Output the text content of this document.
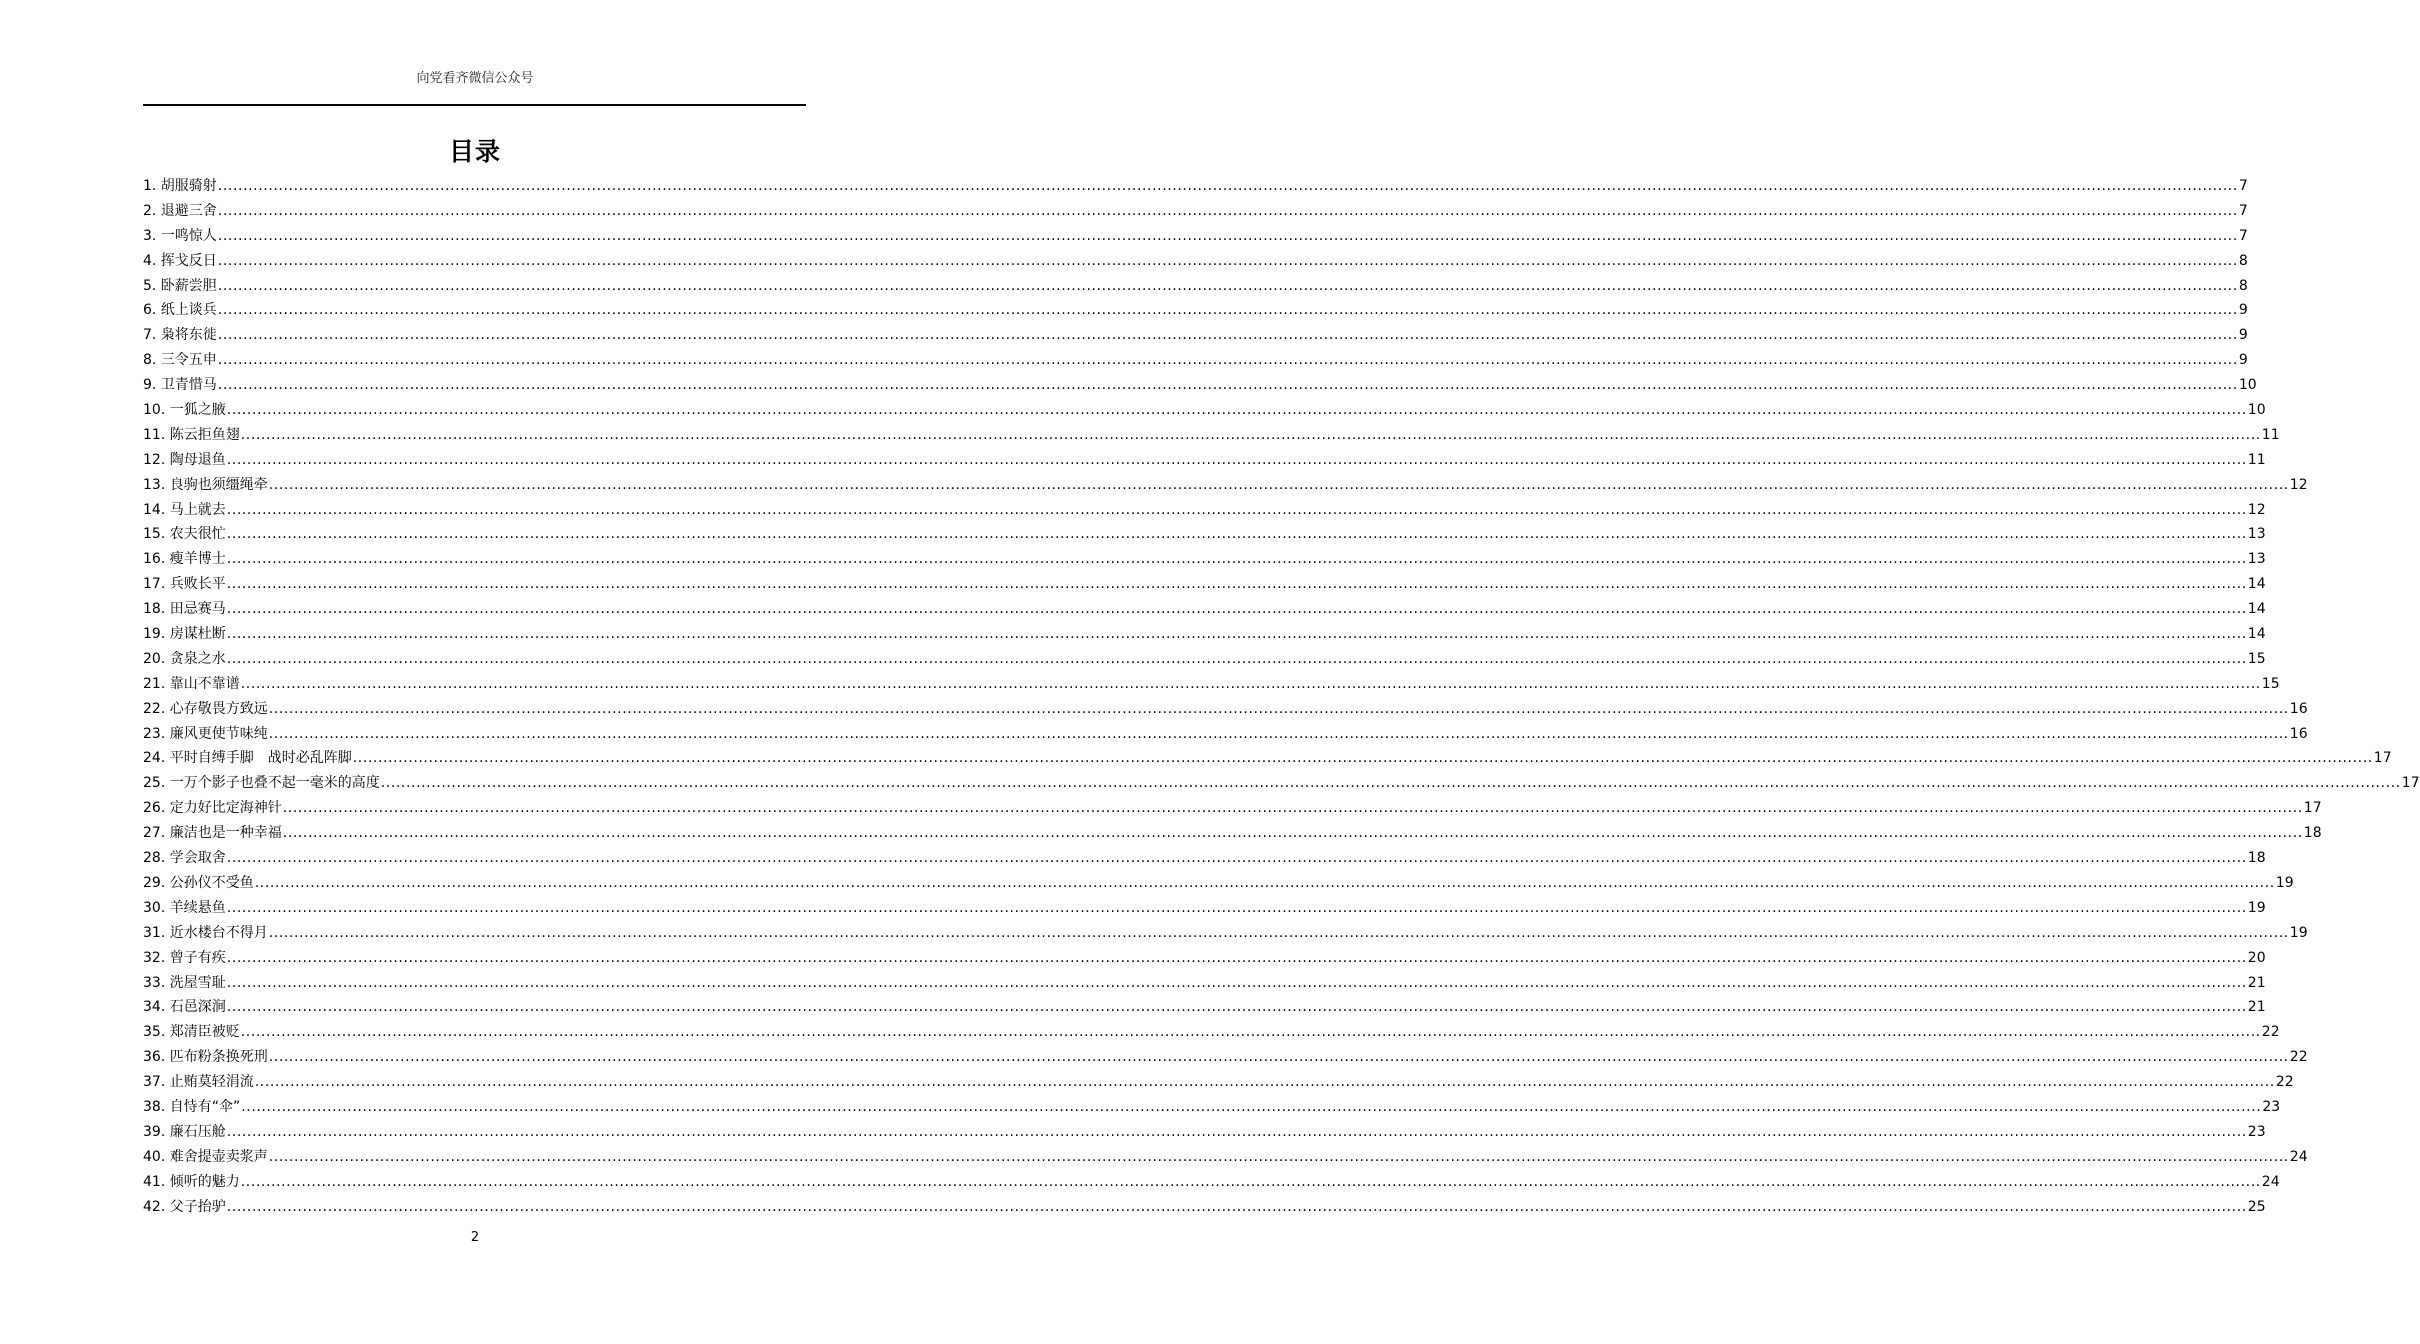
向党看齐微信公众号
目录
1. 胡服骑射 ................................................................................................................................................................................................................................................................................................................................................................................................................ 7
2. 退避三舍 ................................................................................................................................................................................................................................................................................................................................................................................................................ 7
3. 一鸣惊人 ................................................................................................................................................................................................................................................................................................................................................................................................................ 7
4. 挥戈反日 ................................................................................................................................................................................................................................................................................................................................................................................................................ 8
5. 卧薪尝胆 ................................................................................................................................................................................................................................................................................................................................................................................................................ 8
6. 纸上谈兵 ................................................................................................................................................................................................................................................................................................................................................................................................................ 9
7. 枭将东徙 ................................................................................................................................................................................................................................................................................................................................................................................................................ 9
8. 三令五申 ................................................................................................................................................................................................................................................................................................................................................................................................................ 9
9. 卫青惜马 ................................................................................................................................................................................................................................................................................................................................................................................................................ 10
10. 一狐之腋 ................................................................................................................................................................................................................................................................................................................................................................................................................ 10
11. 陈云拒鱼翅 ................................................................................................................................................................................................................................................................................................................................................................................................................ 11
12. 陶母退鱼 ................................................................................................................................................................................................................................................................................................................................................................................................................ 11
13. 良驹也须缰绳牵 ................................................................................................................................................................................................................................................................................................................................................................................................................ 12
14. 马上就去 ................................................................................................................................................................................................................................................................................................................................................................................................................ 12
15. 农夫很忙 ................................................................................................................................................................................................................................................................................................................................................................................................................ 13
16. 瘦羊博士 ................................................................................................................................................................................................................................................................................................................................................................................................................ 13
17. 兵败长平 ................................................................................................................................................................................................................................................................................................................................................................................................................ 14
18. 田忌赛马 ................................................................................................................................................................................................................................................................................................................................................................................................................ 14
19. 房谋杜断 ................................................................................................................................................................................................................................................................................................................................................................................................................ 14
20. 贪泉之水 ................................................................................................................................................................................................................................................................................................................................................................................................................ 15
21. 靠山不靠谱 ................................................................................................................................................................................................................................................................................................................................................................................................................ 15
22. 心存敬畏方致远 ................................................................................................................................................................................................................................................................................................................................................................................................................ 16
23. 廉风更使节味纯 ................................................................................................................................................................................................................................................................................................................................................................................................................ 16
24. 平时自缚手脚　战时必乱阵脚 ................................................................................................................................................................................................................................................................................................................................................................................................................ 17
25. 一万个影子也叠不起一毫米的高度 ................................................................................................................................................................................................................................................................................................................................................................................................................ 17
26. 定力好比定海神针 ................................................................................................................................................................................................................................................................................................................................................................................................................ 17
27. 廉洁也是一种幸福 ................................................................................................................................................................................................................................................................................................................................................................................................................ 18
28. 学会取舍 ................................................................................................................................................................................................................................................................................................................................................................................................................ 18
29. 公孙仪不受鱼 ................................................................................................................................................................................................................................................................................................................................................................................................................ 19
30. 羊续悬鱼 ................................................................................................................................................................................................................................................................................................................................................................................................................ 19
31. 近水楼台不得月 ................................................................................................................................................................................................................................................................................................................................................................................................................ 19
32. 曾子有疾 ................................................................................................................................................................................................................................................................................................................................................................................................................ 20
33. 洗屋雪耻 ................................................................................................................................................................................................................................................................................................................................................................................................................ 21
34. 石邑深涧 ................................................................................................................................................................................................................................................................................................................................................................................................................ 21
35. 郑清臣被贬 ................................................................................................................................................................................................................................................................................................................................................................................................................ 22
36. 匹布粉条换死刑 ................................................................................................................................................................................................................................................................................................................................................................................................................ 22
37. 止贿莫轻涓流 ................................................................................................................................................................................................................................................................................................................................................................................................................ 22
38. 自恃有“伞” ................................................................................................................................................................................................................................................................................................................................................................................................................ 23
39. 廉石压舱 ................................................................................................................................................................................................................................................................................................................................................................................................................ 23
40. 难舍提壶卖浆声 ................................................................................................................................................................................................................................................................................................................................................................................................................ 24
41. 倾听的魅力 ................................................................................................................................................................................................................................................................................................................................................................................................................ 24
42. 父子抬驴 ................................................................................................................................................................................................................................................................................................................................................................................................................ 25
2
